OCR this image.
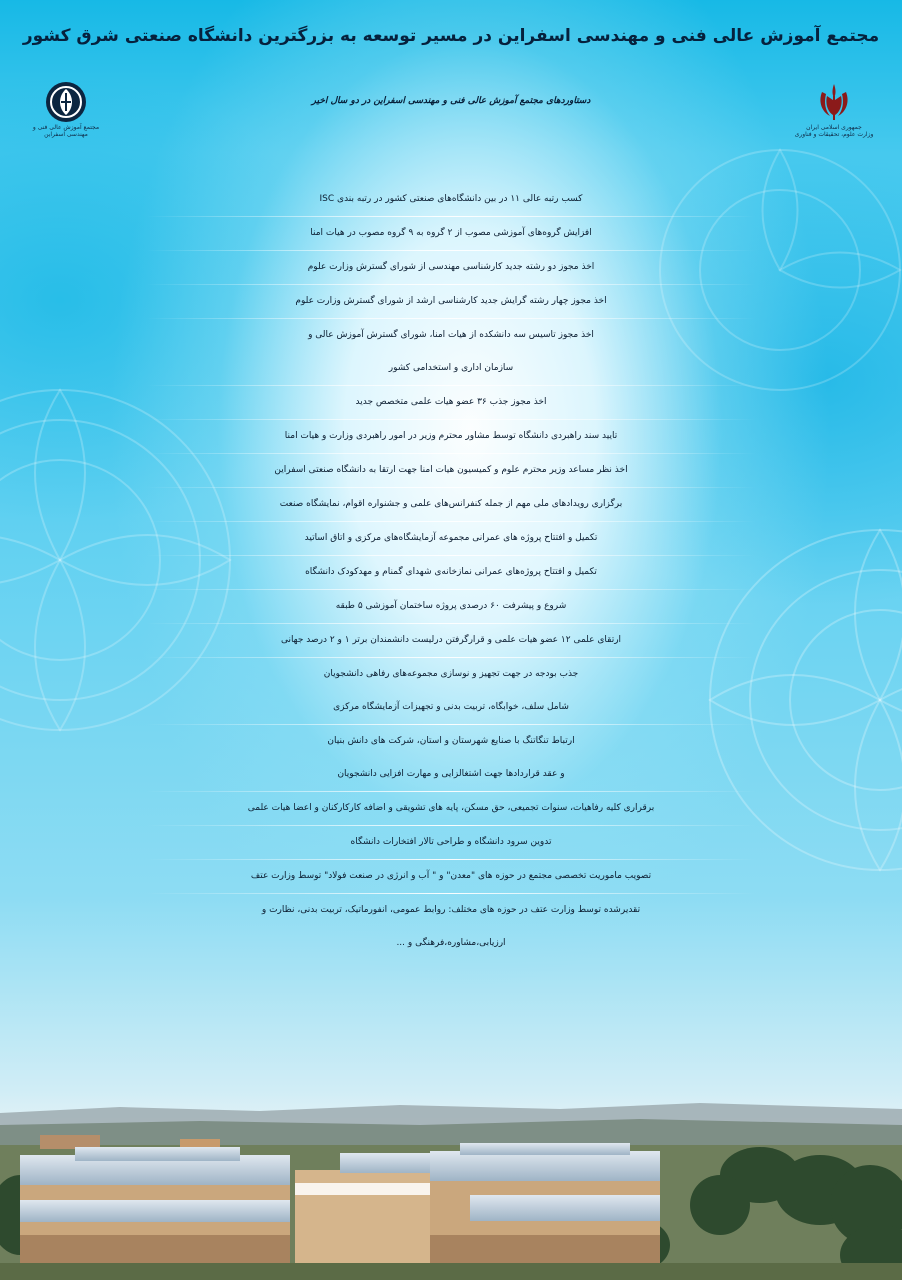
مجتمع آموزش عالی فنی و مهندسی اسفراین در مسیر توسعه به بزرگترین دانشگاه صنعتی شرق کشور
مجتمع آموزش عالی فنی و
مهندسی اسفراین
دستاوردهای مجتمع آموزش عالی فنی و مهندسی اسفراین در دو سال اخیر
جمهوری اسلامی ایران
وزارت علوم، تحقیقات و فناوری
کسب رتبه عالی ۱۱ در بین دانشگاه‌های صنعتی کشور در رتبه بندی ISC
افزایش گروه‌های آموزشی مصوب از ۲ گروه به ۹ گروه مصوب در هیات امنا
اخذ مجوز دو رشته جدید کارشناسی مهندسی از شورای گسترش وزارت علوم
اخذ مجوز چهار رشته گرایش جدید کارشناسی ارشد از شورای گسترش وزارت علوم
اخذ مجوز تاسیس سه دانشکده از هیات امنا، شورای گسترش آموزش عالی و
سازمان اداری و استخدامی کشور
اخذ مجوز جذب ۳۶ عضو هیات علمی متخصص جدید
تایید سند راهبردی دانشگاه توسط مشاور محترم وزیر در امور راهبردی وزارت و هیات امنا
اخذ نظر مساعد وزیر محترم علوم و کمیسیون هیات امنا جهت ارتقا به دانشگاه صنعتی اسفراین
برگزاری رویدادهای ملی مهم از جمله کنفرانس‌های علمی و جشنواره اقوام، نمایشگاه صنعت
تکمیل و افتتاح پروژه های عمرانی مجموعه آزمایشگاه‌های مرکزی و اتاق اساتید
تکمیل و افتتاح پروژه‌های عمرانی نمازخانه‌ی شهدای گمنام و مهدکودک دانشگاه
شروع و پیشرفت ۶۰ درصدی پروژه ساختمان آموزشی ۵ طبقه
ارتقای علمی ۱۲ عضو هیات علمی و قرارگرفتن درلیست دانشمندان برتر ۱ و ۲ درصد جهانی
جذب بودجه در جهت تجهیز و نوسازی مجموعه‌های رفاهی دانشجویان
شامل سلف، خوابگاه، تربیت بدنی و تجهیزات آزمایشگاه مرکزی
ارتباط تنگاتنگ با صنایع شهرستان و استان، شرکت های دانش بنیان
و عقد قراردادها جهت اشتغالزایی و مهارت افزایی دانشجویان
برقراری کلیه رفاهیات، سنوات تجمیعی، حق مسکن، پایه های تشویقی و اضافه کارکارکنان و اعضا هیات علمی
تدوین سرود دانشگاه و طراحی تالار افتخارات دانشگاه
تصویب ماموریت تخصصی مجتمع در حوزه های "معدن" و " آب و انرژی در صنعت فولاد" توسط وزارت عتف
تقدیرشده توسط وزارت عتف در حوزه های مختلف: روابط عمومی، انفورماتیک، تربیت بدنی، نظارت و
ارزیابی،مشاوره،فرهنگی و ...
